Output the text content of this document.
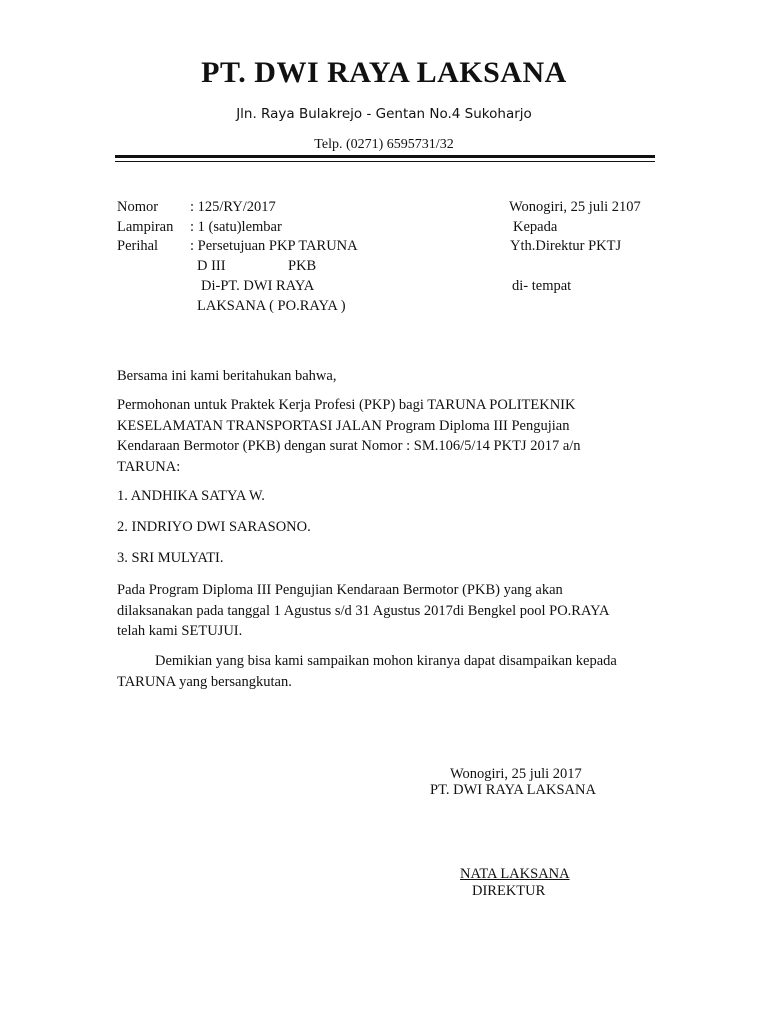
PT. DWI RAYA LAKSANA
Jln. Raya Bulakrejo - Gentan No.4 Sukoharjo
Telp. (0271) 6595731/32
Nomor : 125/RY/2017
Lampiran : 1 (satu)lembar
Perihal : Persetujuan PKP TARUNA
D III	PKB
Di-PT. DWI RAYA
LAKSANA ( PO.RAYA )
Wonogiri, 25 juli 2107
Kepada
Yth.Direktur PKTJ
di- tempat
Bersama ini kami beritahukan bahwa,
Permohonan untuk Praktek Kerja Profesi (PKP) bagi TARUNA POLITEKNIK
KESELAMATAN TRANSPORTASI JALAN Program Diploma III Pengujian
Kendaraan Bermotor (PKB) dengan surat Nomor : SM.106/5/14 PKTJ 2017 a/n
TARUNA:
1. ANDHIKA SATYA W.
2. INDRIYO DWI SARASONO.
3. SRI MULYATI.
Pada Program Diploma III Pengujian Kendaraan Bermotor (PKB) yang akan
dilaksanakan pada tanggal 1 Agustus s/d 31 Agustus 2017di Bengkel pool PO.RAYA
telah kami SETUJUI.
Demikian yang bisa kami sampaikan mohon kiranya dapat disampaikan kepada
TARUNA yang bersangkutan.
Wonogiri, 25 juli 2017
PT. DWI RAYA LAKSANA
NATA LAKSANA
DIREKTUR
